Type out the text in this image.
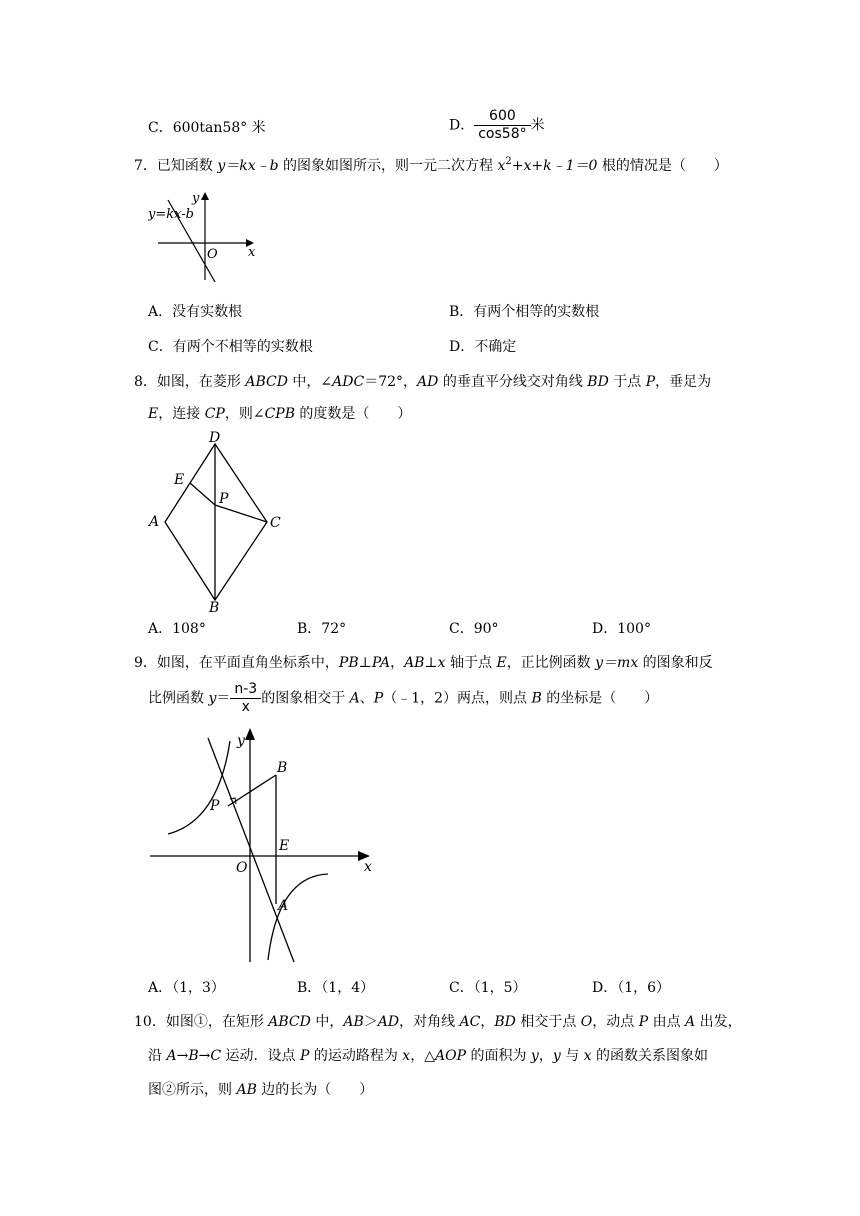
C．600tan58° 米	D． $\frac{600}{\cos 58^\circ}$ 米
7．已知函数 y＝kx﹣b 的图象如图所示，则一元二次方程 $x^2+x+k﹣1=0$ 根的情况是（　　）
y=kx-b
y
x
O
A．没有实数根	B．有两个相等的实数根
C．有两个不相等的实数根	D．不确定
8．如图，在菱形 ABCD 中，∠ADC＝72°，AD 的垂直平分线交对角线 BD 于点 P，垂足为
E，连接 CP，则∠CPB 的度数是（　　）
D
E
P
A	C
B
A．108°	B．72°	C．90°	D．100°
9．如图，在平面直角坐标系中，PB⊥PA，AB⊥x 轴于点 E，正比例函数 y＝mx 的图象和反
比例函数 $y= \frac{n-3}{x}$ 的图象相交于 A、P（﹣1，2）两点，则点 B 的坐标是（　　）
y
x
B
P
E
O
A
A．（1，3）	B．（1，4）	C．（1，5）	D．（1，6）
10．如图①，在矩形 ABCD 中，AB＞AD，对角线 AC，BD 相交于点 O，动点 P 由点 A 出发，
沿 A→B→C 运动．设点 P 的运动路程为 x，△AOP 的面积为 y，y 与 x 的函数关系图象如
图②所示，则 AB 边的长为（　　）
